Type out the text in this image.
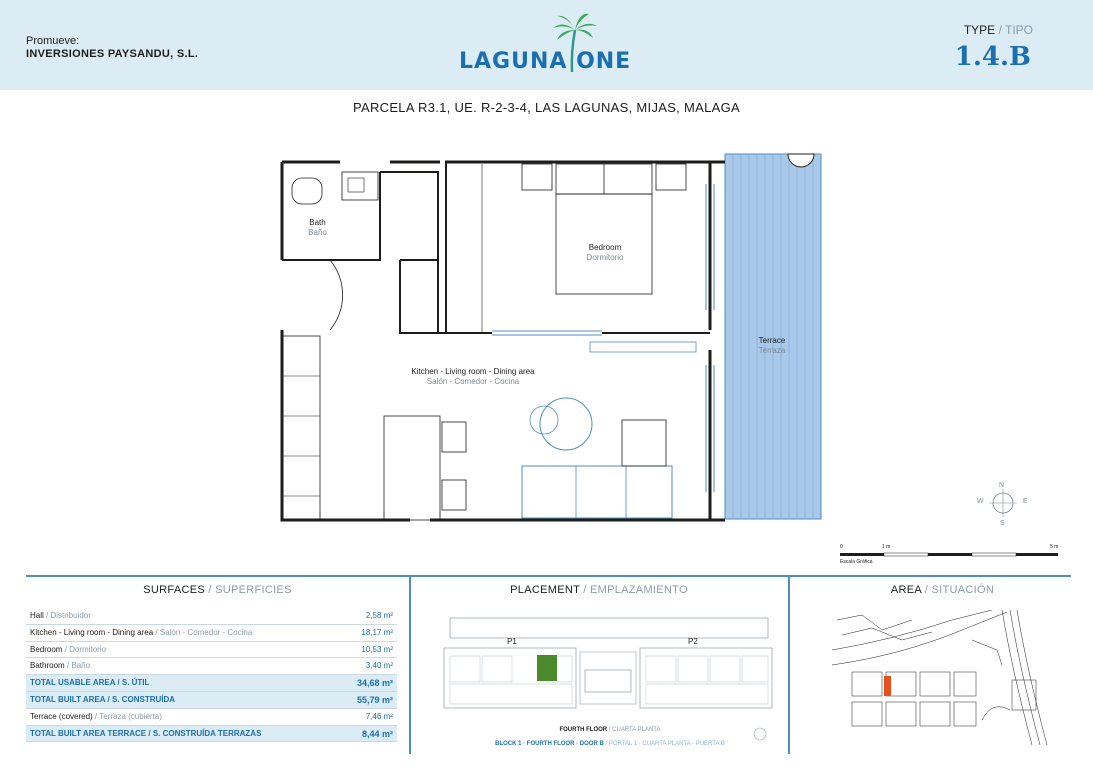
Promueve:
INVERSIONES PAYSANDU, S.L.	LAGUNA ONE
TYPE / TIPO
1.4.B
PARCELA R3.1, UE. R-2-3-4, LAS LAGUNAS, MIJAS, MALAGA
Bath
Baño
Bedroom
Dormitorio
Kitchen - Living room - Dining area
Salón - Comedor - Cocina
Terrace
Terraza
N
S
E
W
0	1 m	5 m
Escala Gráfica
SURFACES / SUPERFICIES	PLACEMENT / EMPLAZAMIENTO	AREA / SITUACIÓN
Hall / Distribuidor	2,58 m²
Kitchen - Living room - Dining area / Salón - Comedor - Cocina	18,17 m²
Bedroom / Dormitorio	10,53 m²
Bathroom / Baño	3,40 m²
TOTAL USABLE AREA / S. ÚTIL	34,68 m²
TOTAL BUILT AREA / S. CONSTRUÍDA	55,79 m²
Terrace (covered) / Terraza (cubierta)	7,46 m²
TOTAL BUILT AREA TERRACE / S. CONSTRUÍDA TERRAZAS	8,44 m²
P1	P2
FOURTH FLOOR / CUARTA PLANTA
BLOCK 1 · FOURTH FLOOR · DOOR B / PORTAL 1 · CUARTA PLANTA · PUERTA B
